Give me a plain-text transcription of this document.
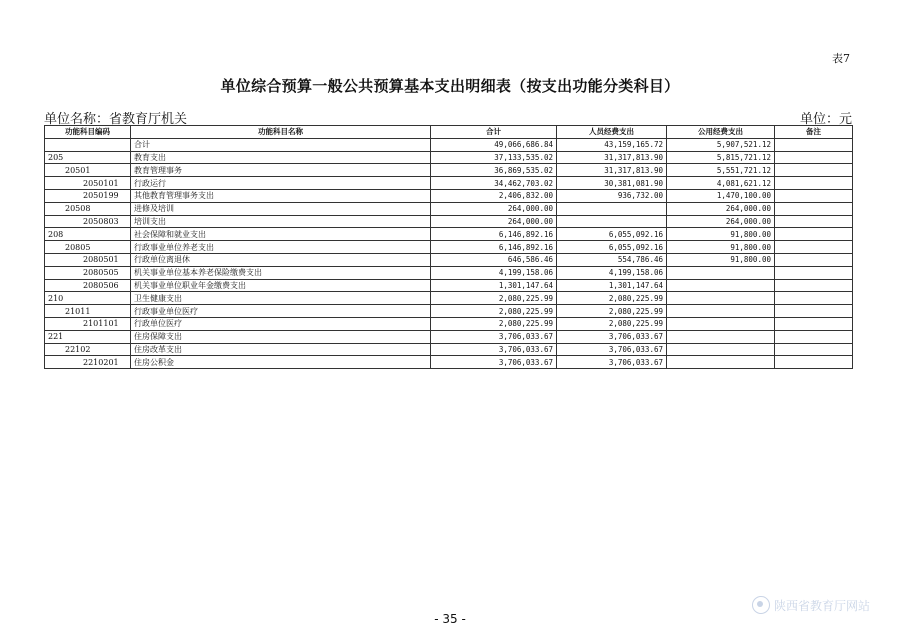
表7
单位综合预算一般公共预算基本支出明细表（按支出功能分类科目）
单位名称：省教育厅机关	单位：元
功能科目编码	功能科目名称	合计	人员经费支出	公用经费支出	备注
	合计	49,066,686.84	43,159,165.72	5,907,521.12	
205	教育支出	37,133,535.02	31,317,813.90	5,815,721.12	
20501	教育管理事务	36,869,535.02	31,317,813.90	5,551,721.12	
2050101	行政运行	34,462,703.02	30,381,081.90	4,081,621.12	
2050199	其他教育管理事务支出	2,406,832.00	936,732.00	1,470,100.00	
20508	进修及培训	264,000.00		264,000.00	
2050803	培训支出	264,000.00		264,000.00	
208	社会保障和就业支出	6,146,892.16	6,055,092.16	91,800.00	
20805	行政事业单位养老支出	6,146,892.16	6,055,092.16	91,800.00	
2080501	行政单位离退休	646,586.46	554,786.46	91,800.00	
2080505	机关事业单位基本养老保险缴费支出	4,199,158.06	4,199,158.06		
2080506	机关事业单位职业年金缴费支出	1,301,147.64	1,301,147.64		
210	卫生健康支出	2,080,225.99	2,080,225.99		
21011	行政事业单位医疗	2,080,225.99	2,080,225.99		
2101101	行政单位医疗	2,080,225.99	2,080,225.99		
221	住房保障支出	3,706,033.67	3,706,033.67		
22102	住房改革支出	3,706,033.67	3,706,033.67		
2210201	住房公积金	3,706,033.67	3,706,033.67		
- 35 -
陕西省教育厅网站
